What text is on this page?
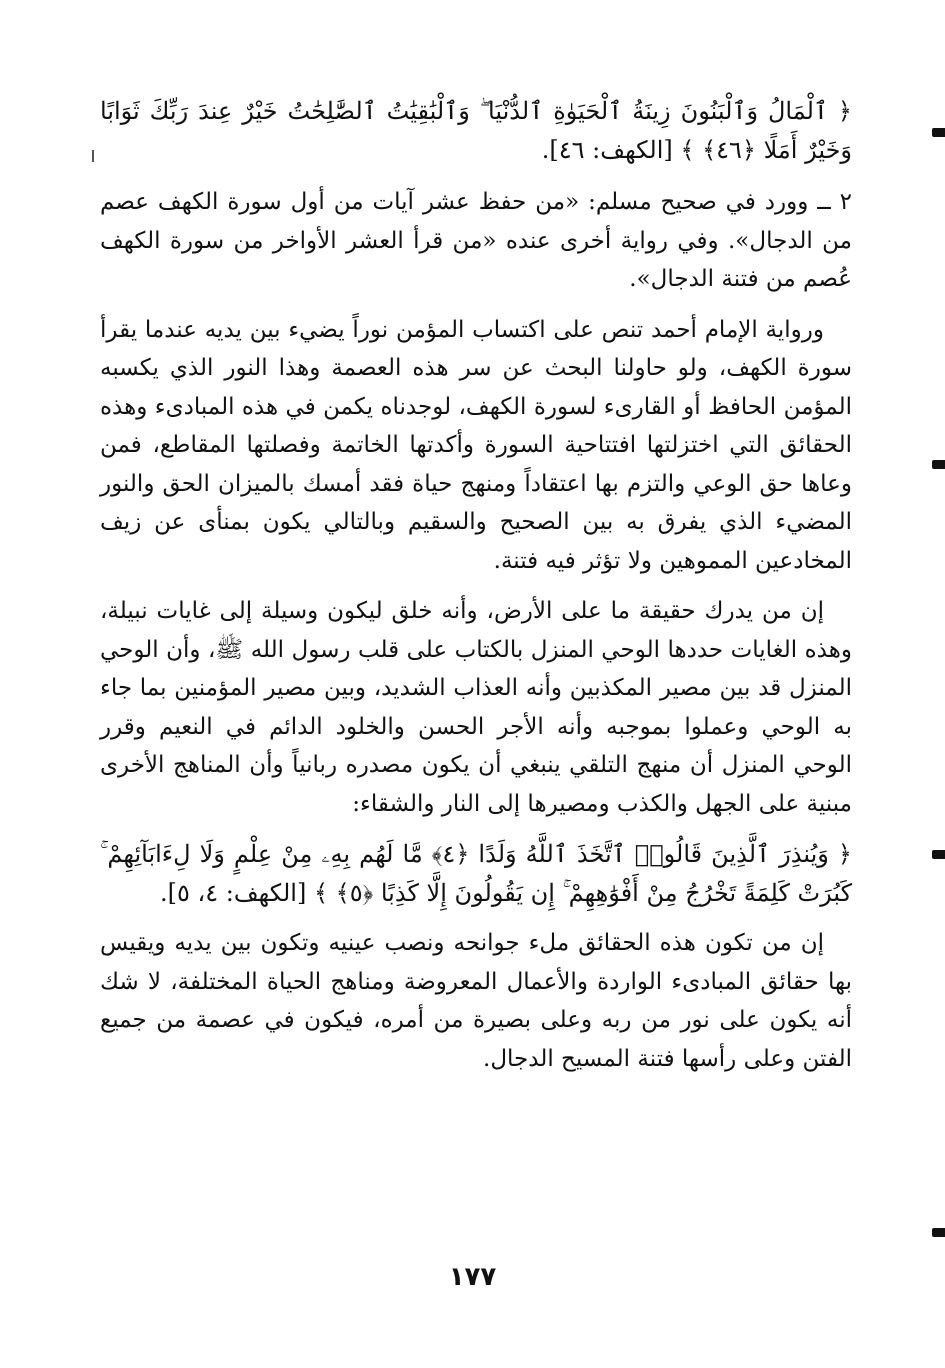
﴿ ٱلْمَالُ وَٱلْبَنُونَ زِينَةُ ٱلْحَيَوٰةِ ٱلدُّنْيَا ۖ وَٱلْبَٰقِيَٰتُ ٱلصَّٰلِحَٰتُ خَيْرٌ عِندَ رَبِّكَ ثَوَابًا وَخَيْرٌ أَمَلًا ﴿٤٦﴾ ﴾ [الكهف: ٤٦].
٢ ــ وورد في صحيح مسلم: «من حفظ عشر آيات من أول سورة الكهف عصم من الدجال». وفي رواية أخرى عنده «من قرأ العشر الأواخر من سورة الكهف عُصم من فتنة الدجال».
ورواية الإمام أحمد تنص على اكتساب المؤمن نوراً يضيء بين يديه عندما يقرأ سورة الكهف، ولو حاولنا البحث عن سر هذه العصمة وهذا النور الذي يكسبه المؤمن الحافظ أو القارىء لسورة الكهف، لوجدناه يكمن في هذه المبادىء وهذه الحقائق التي اختزلتها افتتاحية السورة وأكدتها الخاتمة وفصلتها المقاطع، فمن وعاها حق الوعي والتزم بها اعتقاداً ومنهج حياة فقد أمسك بالميزان الحق والنور المضيء الذي يفرق به بين الصحيح والسقيم وبالتالي يكون بمنأى عن زيف المخادعين المموهين ولا تؤثر فيه فتنة.
إن من يدرك حقيقة ما على الأرض، وأنه خلق ليكون وسيلة إلى غايات نبيلة، وهذه الغايات حددها الوحي المنزل بالكتاب على قلب رسول الله ﷺ، وأن الوحي المنزل قد بين مصير المكذبين وأنه العذاب الشديد، وبين مصير المؤمنين بما جاء به الوحي وعملوا بموجبه وأنه الأجر الحسن والخلود الدائم في النعيم وقرر الوحي المنزل أن منهج التلقي ينبغي أن يكون مصدره ربانياً وأن المناهج الأخرى مبنية على الجهل والكذب ومصيرها إلى النار والشقاء:
﴿ وَيُنذِرَ ٱلَّذِينَ قَالُوا۟ ٱتَّخَذَ ٱللَّهُ وَلَدًا ﴿٤﴾ مَّا لَهُم بِهِۦ مِنْ عِلْمٍ وَلَا لِءَابَآئِهِمْ ۚ كَبُرَتْ كَلِمَةً تَخْرُجُ مِنْ أَفْوَٰهِهِمْ ۚ إِن يَقُولُونَ إِلَّا كَذِبًا ﴿٥﴾ ﴾ [الكهف: ٤، ٥].
إن من تكون هذه الحقائق ملء جوانحه ونصب عينيه وتكون بين يديه ويقيس بها حقائق المبادىء الواردة والأعمال المعروضة ومناهج الحياة المختلفة، لا شك أنه يكون على نور من ربه وعلى بصيرة من أمره، فيكون في عصمة من جميع الفتن وعلى رأسها فتنة المسيح الدجال.
١٧٧
